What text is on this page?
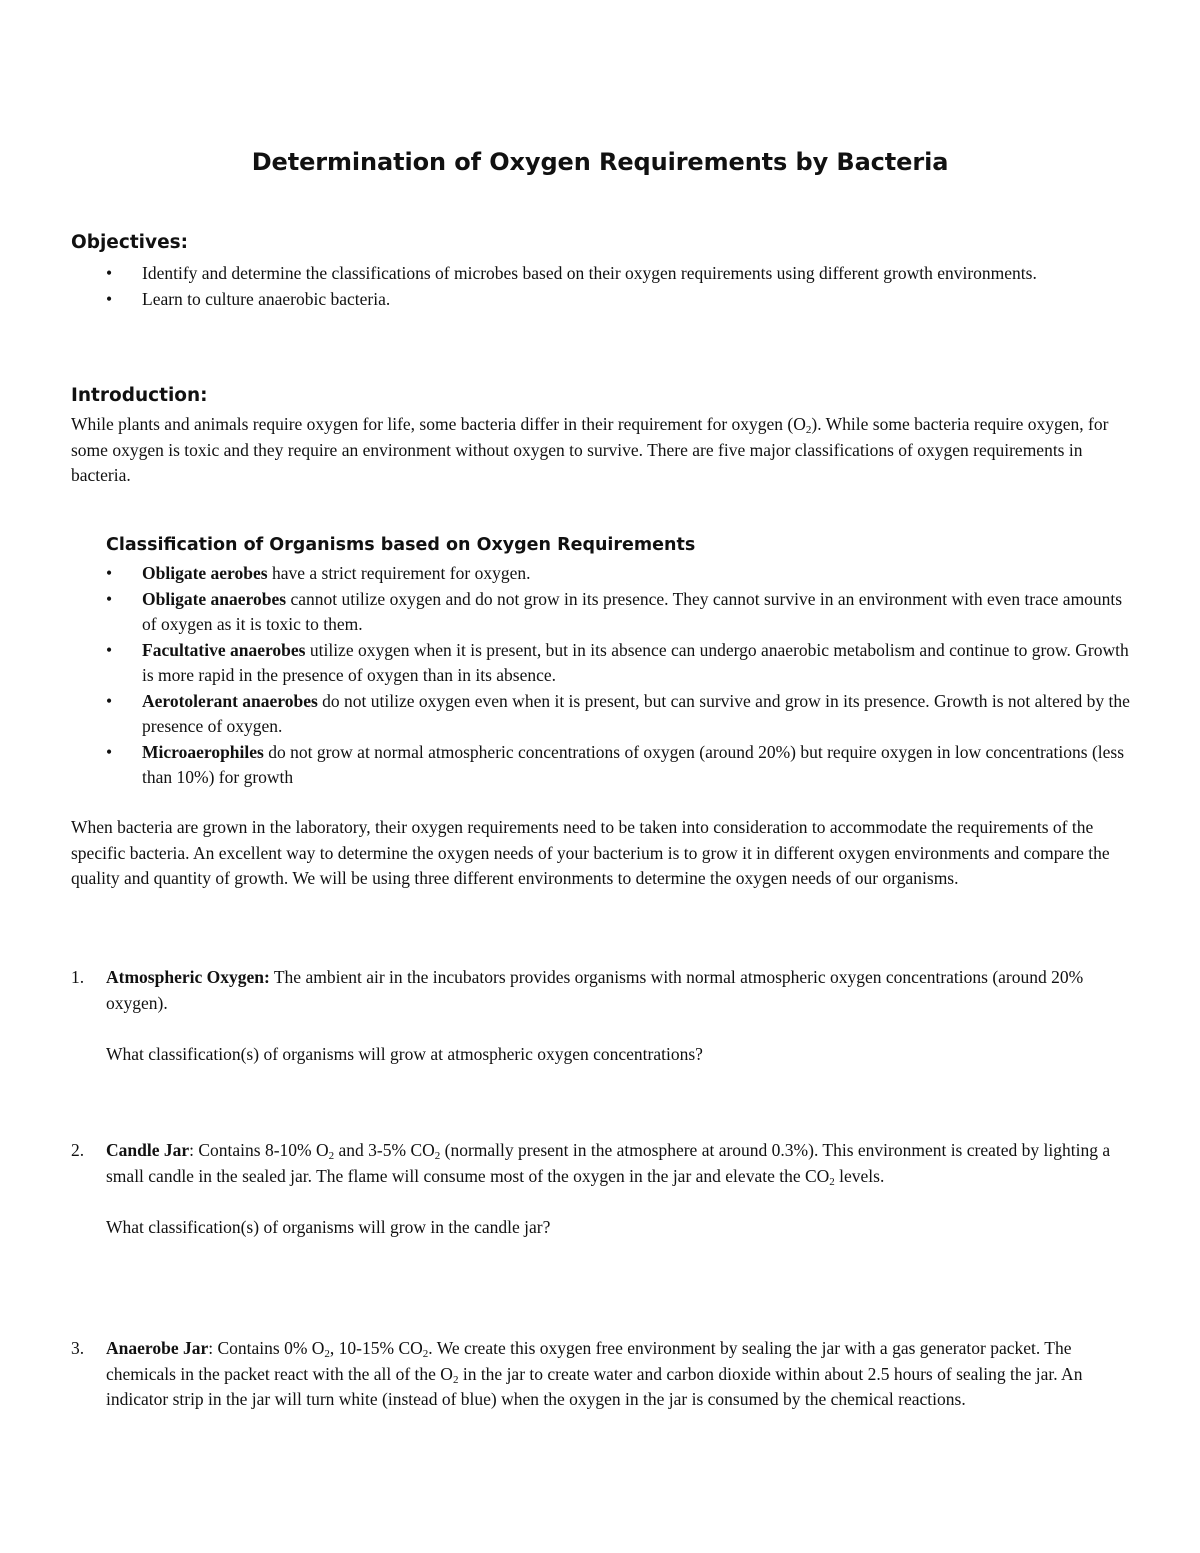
Determination of Oxygen Requirements by Bacteria
Objectives:
• Identify and determine the classifications of microbes based on their oxygen requirements using different growth environments.
• Learn to culture anaerobic bacteria.
Introduction:

While plants and animals require oxygen for life, some bacteria differ in their requirement for oxygen $(O_2)$. While some bacteria require oxygen, for some oxygen is toxic and they require an environment without oxygen to survive. There are five major classifications of oxygen requirements in bacteria.

Classification of Organisms based on Oxygen Requirements
• Obligate aerobes have a strict requirement for oxygen.
• Obligate anaerobes cannot utilize oxygen and do not grow in its presence. They cannot survive in an environment with even trace amounts of oxygen as it is toxic to them.
• Facultative anaerobes utilize oxygen when it is present, but in its absence can undergo anaerobic metabolism and continue to grow. Growth is more rapid in the presence of oxygen than in its absence.
• Aerotolerant anaerobes do not utilize oxygen even when it is present, but can survive and grow in its presence. Growth is not altered by the presence of oxygen.
• Microaerophiles do not grow at normal atmospheric concentrations of oxygen (around 20%) but require oxygen in low concentrations (less than 10%) for growth

When bacteria are grown in the laboratory, their oxygen requirements need to be taken into consideration to accommodate the requirements of the specific bacteria. An excellent way to determine the oxygen needs of your bacterium is to grow it in different oxygen environments and compare the quality and quantity of growth. We will be using three different environments to determine the oxygen needs of our organisms.

1. Atmospheric Oxygen: The ambient air in the incubators provides organisms with normal atmospheric oxygen concentrations (around 20% oxygen).
What classification(s) of organisms will grow at atmospheric oxygen concentrations?
2. Candle Jar: Contains 8-10% $O_2$ and 3-5% $CO_2$ (normally present in the atmosphere at around 0.3%). This environment is created by lighting a small candle in the sealed jar. The flame will consume most of the oxygen in the jar and elevate the $CO_2$ levels.
What classification(s) of organisms will grow in the candle jar?
3. Anaerobe Jar: Contains 0% $O_2$, 10-15% $CO_2$. We create this oxygen free environment by sealing the jar with a gas generator packet. The chemicals in the packet react with the all of the $O_2$ in the jar to create water and carbon dioxide within about 2.5 hours of sealing the jar. An indicator strip in the jar will turn white (instead of blue) when the oxygen in the jar is consumed by the chemical reactions.
